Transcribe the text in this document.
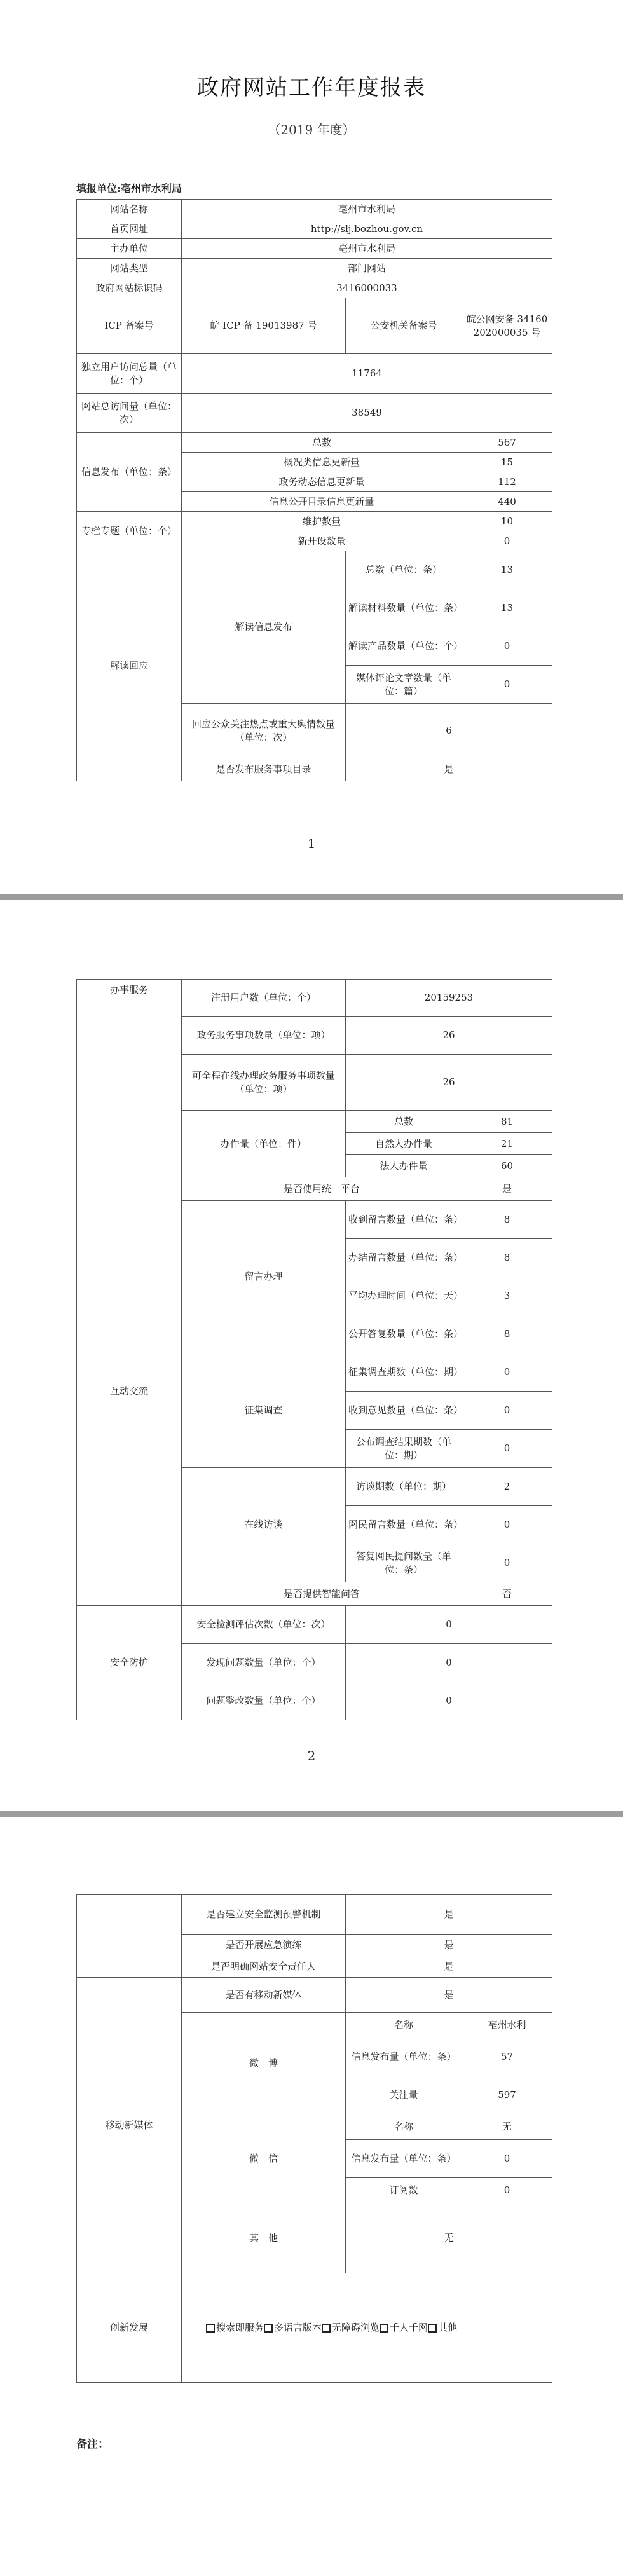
政府网站工作年度报表
（2019 年度）
填报单位:亳州市水利局
网站名称	亳州市水利局		
首页网址	http://slj.bozhou.gov.cn		
主办单位	亳州市水利局		
网站类型	部门网站		
政府网站标识码	3416000033		
ICP 备案号	皖 ICP 备 19013987 号	公安机关备案号	皖公网安备 34160202000035 号
独立用户访问总量（单位：个）	11764		
网站总访问量（单位：次）	38549		
信息发布（单位：条）	总数		567
	概况类信息更新量		15
	政务动态信息更新量		112
	信息公开目录信息更新量		440
专栏专题（单位：个）	维护数量		10
	新开设数量		0
解读回应	解读信息发布	总数（单位：条）	13
		解读材料数量（单位：条）	13
		解读产品数量（单位：个）	0
		媒体评论文章数量（单位：篇）	0
	回应公众关注热点或重大舆情数量（单位：次）	6	
	是否发布服务事项目录	是	
1
办事服务	注册用户数（单位：个）	20159253	
	政务服务事项数量（单位：项）	26	
	可全程在线办理政务服务事项数量（单位：项）	26	
	办件量（单位：件）	总数	81
		自然人办件量	21
		法人办件量	60
互动交流	是否使用统一平台		是
	留言办理	收到留言数量（单位：条）	8
		办结留言数量（单位：条）	8
		平均办理时间（单位：天）	3
		公开答复数量（单位：条）	8
	征集调查	征集调查期数（单位：期）	0
		收到意见数量（单位：条）	0
		公布调查结果期数（单位：期）	0
	在线访谈	访谈期数（单位：期）	2
		网民留言数量（单位：条）	0
		答复网民提问数量（单位：条）	0
	是否提供智能问答		否
安全防护	安全检测评估次数（单位：次）	0	
	发现问题数量（单位：个）	0	
	问题整改数量（单位：个）	0	
2
	是否建立安全监测预警机制	是	
	是否开展应急演练	是	
	是否明确网站安全责任人	是	
移动新媒体	是否有移动新媒体	是	
	微　博	名称	亳州水利
		信息发布量（单位：条）	57
		关注量	597
	微　信	名称	无
		信息发布量（单位：条）	0
		订阅数	0
	其　他	无	
创新发展	搜索即服务 多语言版本 无障碍浏览 千人千网 其他		
备注：
